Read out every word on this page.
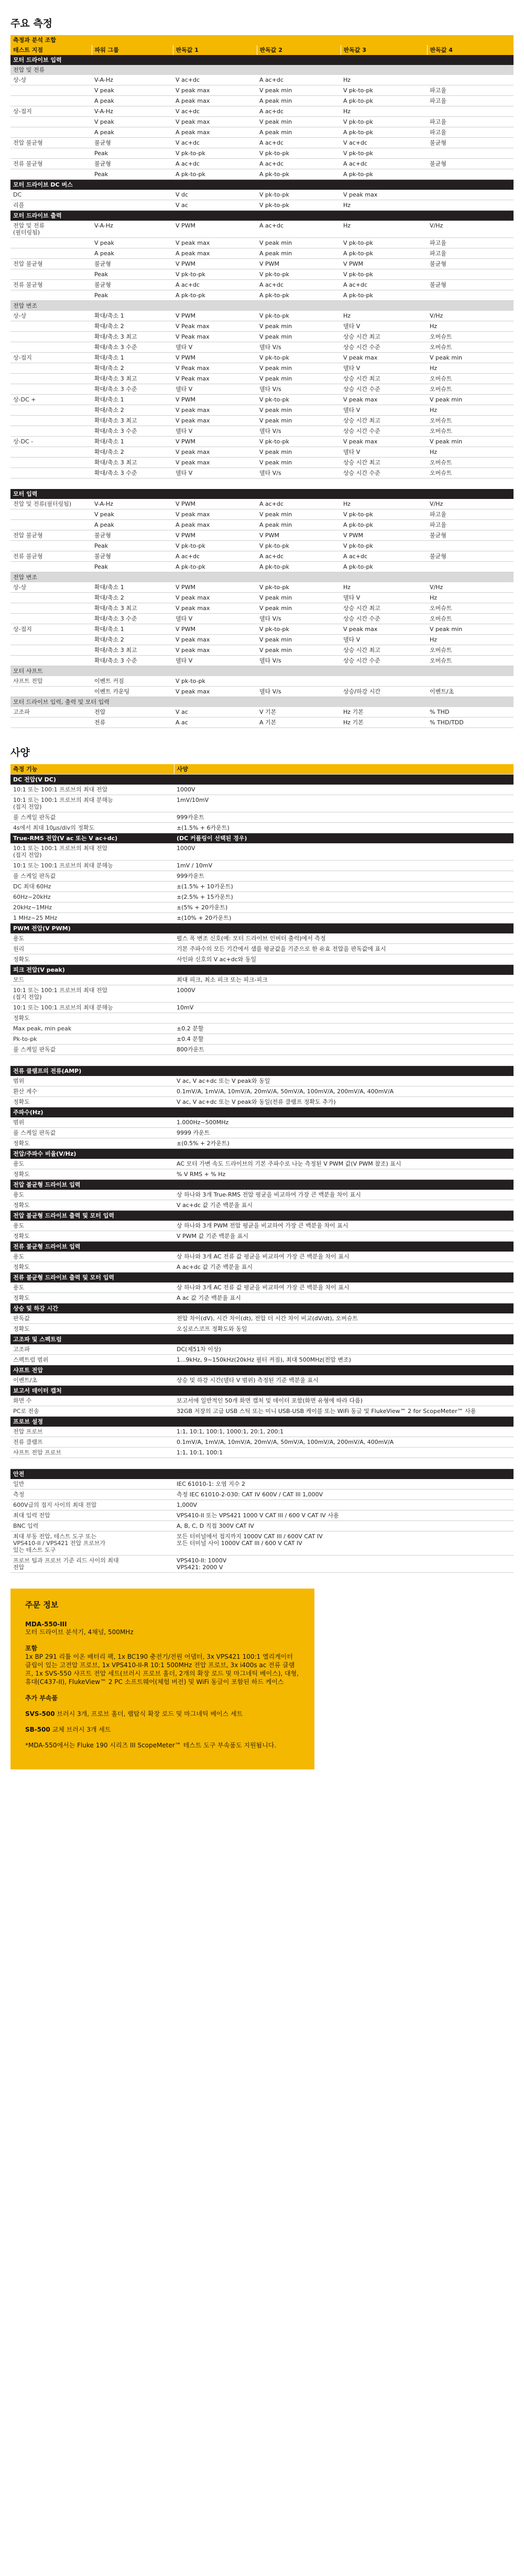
주요 측정
측정과 분석 조합					
테스트 지점	파워 그룹	판독값 1	판독값 2	판독값 3	판독값 4
모터 드라이브 입력					
전압 및 전류					
상-상	V-A-Hz	V ac+dc	A ac+dc	Hz	
	V peak	V peak max	V peak min	V pk-to-pk	파고율
	A peak	A peak max	A peak min	A pk-to-pk	파고율
상-접지	V-A-Hz	V ac+dc	A ac+dc	Hz	
	V peak	V peak max	V peak min	V pk-to-pk	파고율
	A peak	A peak max	A peak min	A pk-to-pk	파고율
전압 불균형	불균형	V ac+dc	A ac+dc	V ac+dc	불균형
	Peak	V pk-to-pk	V pk-to-pk	V pk-to-pk	
전류 불균형	불균형	A ac+dc	A ac+dc	A ac+dc	불균형
	Peak	A pk-to-pk	A pk-to-pk	A pk-to-pk	
모터 드라이브 DC 버스					
DC		V dc	V pk-to-pk	V peak max	
리플		V ac	V pk-to-pk	Hz	
모터 드라이브 출력					
전압 및 전류
(필터링됨)	V-A-Hz	V PWM	A ac+dc	Hz	V/Hz
	V peak	V peak max	V peak min	V pk-to-pk	파고율
	A peak	A peak max	A peak min	A pk-to-pk	파고율
전압 불균형	불균형	V PWM	V PWM	V PWM	불균형
	Peak	V pk-to-pk	V pk-to-pk	V pk-to-pk	
전류 불균형	불균형	A ac+dc	A ac+dc	A ac+dc	불균형
	Peak	A pk-to-pk	A pk-to-pk	A pk-to-pk	
전압 변조					
상-상	확대/축소 1	V PWM	V pk-to-pk	Hz	V/Hz
	확대/축소 2	V Peak max	V peak min	델타 V	Hz
	확대/축소 3 최고	V Peak max	V peak min	상승 시간 최고	오버슈트
	확대/축소 3 수준	델타 V	델타 V/s	상승 시간 수준	오버슈트
상-접지	확대/축소 1	V PWM	V pk-to-pk	V peak max	V peak min
	확대/축소 2	V Peak max	V peak min	델타 V	Hz
	확대/축소 3 최고	V Peak max	V peak min	상승 시간 최고	오버슈트
	확대/축소 3 수준	델타 V	델타 V/s	상승 시간 수준	오버슈트
상-DC +	확대/축소 1	V PWM	V pk-to-pk	V peak max	V peak min
	확대/축소 2	V peak max	V peak min	델타 V	Hz
	확대/축소 3 최고	V peak max	V peak min	상승 시간 최고	오버슈트
	확대/축소 3 수준	델타 V	델타 V/s	상승 시간 수준	오버슈트
상-DC -	확대/축소 1	V PWM	V pk-to-pk	V peak max	V peak min
	확대/축소 2	V peak max	V peak min	델타 V	Hz
	확대/축소 3 최고	V peak max	V peak min	상승 시간 최고	오버슈트
	확대/축소 3 수준	델타 V	델타 V/s	상승 시간 수준	오버슈트

모터 입력					
전압 및 전류(필터링됨)	V-A-Hz	V PWM	A ac+dc	Hz	V/Hz
	V peak	V peak max	V peak min	V pk-to-pk	파고율
	A peak	A peak max	A peak min	A pk-to-pk	파고율
전압 불균형	불균형	V PWM	V PWM	V PWM	불균형
	Peak	V pk-to-pk	V pk-to-pk	V pk-to-pk	
전류 불균형	불균형	A ac+dc	A ac+dc	A ac+dc	불균형
	Peak	A pk-to-pk	A pk-to-pk	A pk-to-pk	
전압 변조					
상-상	확대/축소 1	V PWM	V pk-to-pk	Hz	V/Hz
	확대/축소 2	V peak max	V peak min	델타 V	Hz
	확대/축소 3 최고	V peak max	V peak min	상승 시간 최고	오버슈트
	확대/축소 3 수준	델타 V	델타 V/s	상승 시간 수준	오버슈트
상-접지	확대/축소 1	V PWM	V pk-to-pk	V peak max	V peak min
	확대/축소 2	V peak max	V peak min	델타 V	Hz
	확대/축소 3 최고	V peak max	V peak min	상승 시간 최고	오버슈트
	확대/축소 3 수준	델타 V	델타 V/s	상승 시간 수준	오버슈트
모터 샤프트					
샤프트 전압	이벤트 커짐	V pk-to-pk			
	이벤트 카운팅	V peak max	델타 V/s	상승/하강 시간	이벤트/초
모터 드라이브 입력, 출력 및 모터 입력					
고조파	전압	V ac	V 기본	Hz 기본	% THD
	전류	A ac	A 기본	Hz 기본	% THD/TDD
사양
측정 기능	사양
DC 전압(V DC)	
10:1 또는 100:1 프로브의 최대 전압	1000V
10:1 또는 100:1 프로브의 최대 분해능
(접지 전압)	1mV/10mV
풀 스케일 판독값	999카운트
4s에서 최대 10µs/div의 정확도	±(1.5% + 6카운트)
True-RMS 전압(V ac 또는 V ac+dc)	(DC 커플링이 선택된 경우)
10:1 또는 100:1 프로브의 최대 전압
(접지 전압)	1000V
10:1 또는 100:1 프로브의 최대 분해능	1mV / 10mV
풀 스케일 판독값	999카운트
DC 최대 60Hz	±(1.5% + 10카운트)
60Hz~20kHz	±(2.5% + 15카운트)
20kHz~1MHz	±(5% + 20카운트)
1 MHz~25 MHz	±(10% + 20카운트)
PWM 전압(V PWM)	
용도	펄스 폭 변조 신호(예: 모터 드라이브 인버터 출력)에서 측정
원리	기본 주파수의 모든 기간에서 샘플 평균값을 기준으로 한 유효 전압을 판독값에 표시
정확도	사인파 신호의 V ac+dc와 동일
피크 전압(V peak)	
모드	최대 피크, 최소 피크 또는 피크-피크
10:1 또는 100:1 프로브의 최대 전압
(접지 전압)	1000V
10:1 또는 100:1 프로브의 최대 분해능	10mV
정확도	
Max peak, min peak	±0.2 분할
Pk-to-pk	±0.4 분할
풀 스케일 판독값	800카운트

전류 클램프의 전류(AMP)	
범위	V ac, V ac+dc 또는 V peak와 동일
환산 계수	0.1mV/A, 1mV/A, 10mV/A, 20mV/A, 50mV/A, 100mV/A, 200mV/A, 400mV/A
정확도	V ac, V ac+dc 또는 V peak와 동일(전류 클램프 정확도 추가)
주파수(Hz)	
범위	1.000Hz~500MHz
풀 스케일 판독값	9999 카운트
정확도	±(0.5% + 2카운트)
전압/주파수 비율(V/Hz)	
용도	AC 모터 가변 속도 드라이브의 기본 주파수로 나눈 측정된 V PWM 값(V PWM 참조) 표시
정확도	% V RMS + % Hz
전압 불균형 드라이브 입력	
용도	상 하나와 3개 True-RMS 전압 평균을 비교하여 가장 큰 백분율 차이 표시
정확도	V ac+dc 값 기준 백분율 표시
전압 불균형 드라이브 출력 및 모터 입력	
용도	상 하나와 3개 PWM 전압 평균을 비교하여 가장 큰 백분율 차이 표시
정확도	V PWM 값 기준 백분율 표시
전류 불균형 드라이브 입력	
용도	상 하나와 3개 AC 전류 값 평균을 비교하여 가장 큰 백분율 차이 표시
정확도	A ac+dc 값 기준 백분율 표시
전류 불균형 드라이브 출력 및 모터 입력	
용도	상 하나와 3개 AC 전류 값 평균을 비교하여 가장 큰 백분율 차이 표시
정확도	A ac 값 기준 백분율 표시
상승 및 하강 시간	
판독값	전압 차이(dV), 시간 차이(dt), 전압 더 시간 차이 비교(dV/dt), 오버슈트
정확도	오실로스코프 정확도와 동일
고조파 및 스펙트럼	
고조파	DC(제51차 이상)
스펙트럼 범위	1...9kHz, 9~150kHz(20kHz 필터 켜짐), 최대 500MHz(전압 변조)
샤프트 전압	
이벤트/초	상승 및 하강 시간(델타 V 범위) 측정된 기준 백분율 표시
보고서 데이터 캡처	
화면 수	보고서에 일반적인 50개 화면 캡처 및 데이터 포함(화면 유형에 따라 다름)
PC로 전송	32GB 저장의 고급 USB 스틱 또는 미니 USB-USB 케이블 또는 WiFi 동글 및 FlukeView™ 2 for ScopeMeter™ 사용
프로브 설정	
전압 프로브	1:1, 10:1, 100:1, 1000:1, 20:1, 200:1
전류 클램프	0.1mV/A, 1mV/A, 10mV/A, 20mV/A, 50mV/A, 100mV/A, 200mV/A, 400mV/A
샤프트 전압 프로브	1:1, 10:1, 100:1

안전	
일반	IEC 61010-1: 오염 지수 2
측정	측정 IEC 61010-2-030: CAT IV 600V / CAT III 1,000V
600V급의 접지 사이의 최대 전압	1,000V
최대 입력 전압	VPS410-II 또는 VPS421 1000 V CAT III / 600 V CAT IV 사용
BNC 입력	A, B, C, D 직접 300V CAT IV
최대 부동 전압, 테스트 도구 또는
VPS410-II / VPS421 전압 프로브가
있는 테스트 도구	모든 터미널에서 접지까지 1000V CAT III / 600V CAT IV
모든 터미널 사이 1000V CAT III / 600 V CAT IV
프로브 팁과 프로브 기준 리드 사이의 최대
전압	VPS410-II: 1000V
VPS421: 2000 V
주문 정보
MDA-550-III
모터 드라이브 분석기, 4채널, 500MHz
포함
1x BP 291 리튬 이온 배터리 팩, 1x BC190 충전기/전원 어댑터, 3x VPS421 100:1 엘리게이터 클립이 있는 고전압 프로브, 1x VPS410-II-R 10:1 500MHz 전압 프로브, 3x i400s ac 전류 클램프, 1x SVS-550 샤프트 전압 세트(브러시 프로브 홀더, 2개의 확장 로드 및 마그네틱 베이스), 대형, 휴대(C437-II), FlukeView™ 2 PC 소프트웨어(체험 버전) 및 WiFi 동글이 포함된 하드 케이스
추가 부속품
SVS-500 브러시 3개, 프로브 홀더, 랩탑식 확장 로드 및 마그네틱 베이스 세트
SB-500 교체 브러시 3개 세트
*MDA-550에서는 Fluke 190 시리즈 III ScopeMeter™ 테스트 도구 부속품도 지원됩니다.
